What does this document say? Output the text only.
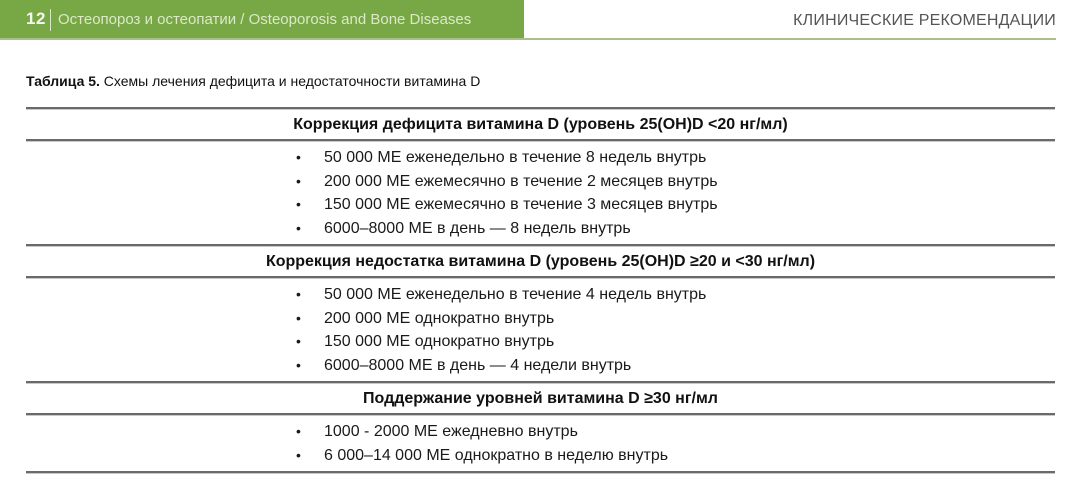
12 Остеопороз и остеопатии / Osteoporosis and Bone Diseases	КЛИНИЧЕСКИЕ РЕКОМЕНДАЦИИ
Таблица 5. Схемы лечения дефицита и недостаточности витамина D
Коррекция дефицита витамина D (уровень 25(OH)D <20 нг/мл)
• 50 000 МЕ еженедельно в течение 8 недель внутрь
• 200 000 МЕ ежемесячно в течение 2 месяцев внутрь
• 150 000 МЕ ежемесячно в течение 3 месяцев внутрь
• 6000–8000 МЕ в день — 8 недель внутрь
Коррекция недостатка витамина D (уровень 25(OH)D ≥20 и <30 нг/мл)
• 50 000 МЕ еженедельно в течение 4 недель внутрь
• 200 000 МЕ однократно внутрь
• 150 000 МЕ однократно внутрь
• 6000–8000 МЕ в день — 4 недели внутрь
Поддержание уровней витамина D ≥30 нг/мл
• 1000 - 2000 МЕ ежедневно внутрь
• 6 000–14 000 МЕ однократно в неделю внутрь
